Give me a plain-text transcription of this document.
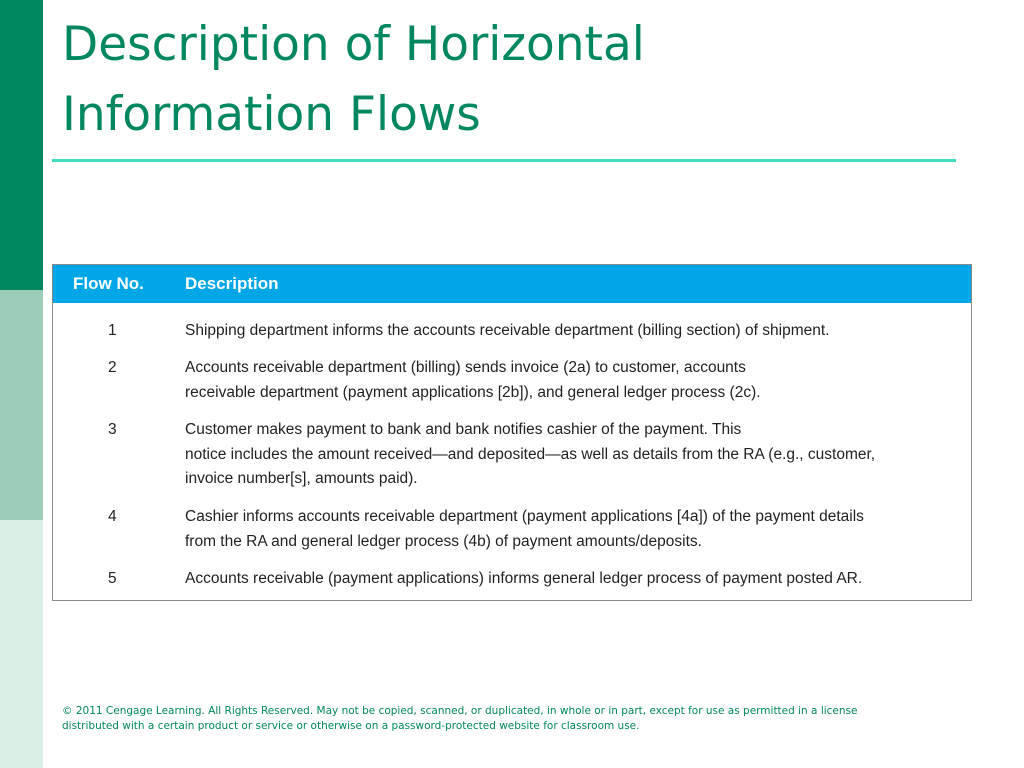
Description of Horizontal
Information Flows
Flow No.	Description
1	Shipping department informs the accounts receivable department (billing section) of shipment.

2	Accounts receivable department (billing) sends invoice (2a) to customer, accounts
receivable department (payment applications [2b]), and general ledger process (2c).

3	Customer makes payment to bank and bank notifies cashier of the payment. This
notice includes the amount received—and deposited—as well as details from the RA (e.g., customer,
invoice number[s], amounts paid).

4	Cashier informs accounts receivable department (payment applications [4a]) of the payment details
from the RA and general ledger process (4b) of payment amounts/deposits.

5	Accounts receivable (payment applications) informs general ledger process of payment posted AR.

© 2011 Cengage Learning. All Rights Reserved. May not be copied, scanned, or duplicated, in whole or in part, except for use as permitted in a license
distributed with a certain product or service or otherwise on a password-protected website for classroom use.
